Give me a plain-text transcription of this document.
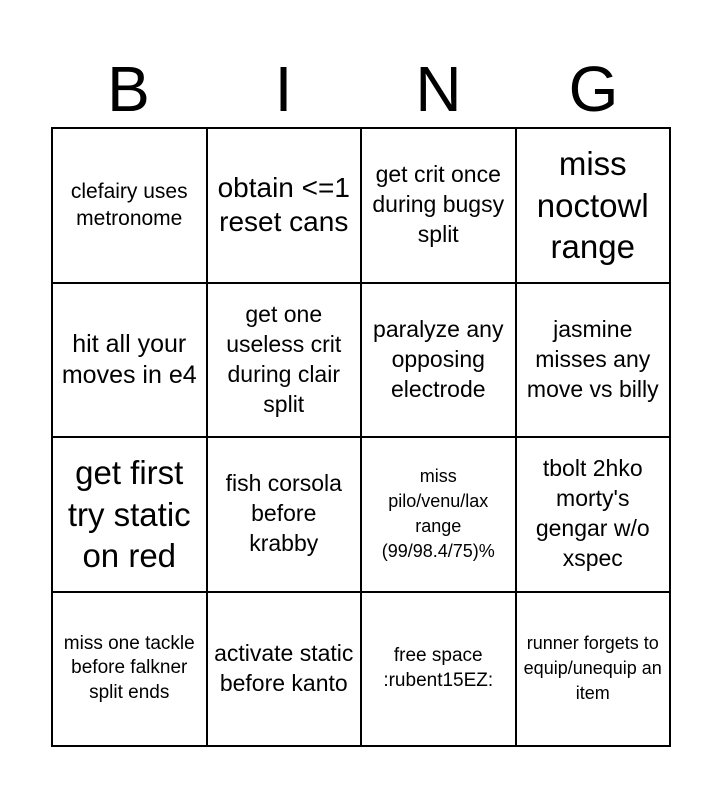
B	I	N	G
clefairy uses metronome
obtain <=1 reset cans
get crit once during bugsy split
miss noctowl range
hit all your moves in e4
get one useless crit during clair split
paralyze any opposing electrode
jasmine misses any move vs billy
get first try static on red
fish corsola before krabby
miss pilo/venu/lax range (99/98.4/75)%
tbolt 2hko morty's gengar w/o xspec
miss one tackle before falkner split ends
activate static before kanto
free space :rubent15EZ:
runner forgets to equip/unequip an item
